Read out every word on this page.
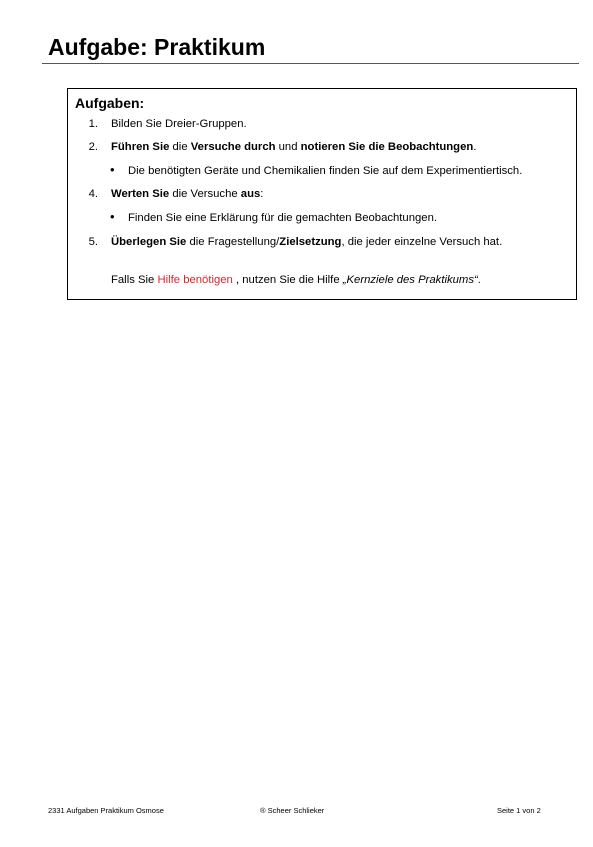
Aufgabe: Praktikum
Aufgaben:
1. Bilden Sie Dreier-Gruppen.
2. Führen Sie die Versuche durch und notieren Sie die Beobachtungen.
• Die benötigten Geräte und Chemikalien finden Sie auf dem Experimentiertisch.
4. Werten Sie die Versuche aus:
• Finden Sie eine Erklärung für die gemachten Beobachtungen.
5. Überlegen Sie die Fragestellung/Zielsetzung, die jeder einzelne Versuch hat.
Falls Sie Hilfe benötigen , nutzen Sie die Hilfe „Kernziele des Praktikums“.
2331 Aufgaben Praktikum Osmose	® Scheer Schlieker	Seite 1 von 2
